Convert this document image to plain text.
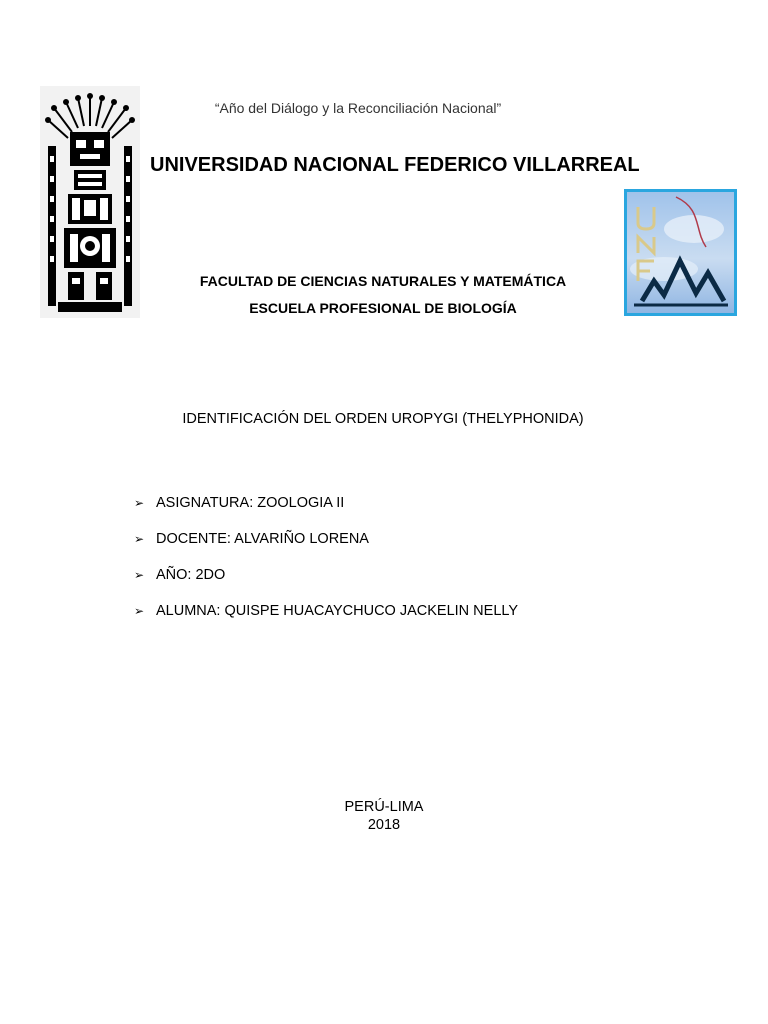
“Año del Diálogo y la Reconciliación Nacional”
UNIVERSIDAD NACIONAL FEDERICO VILLARREAL
FACULTAD DE CIENCIAS NATURALES Y MATEMÁTICA
ESCUELA PROFESIONAL DE BIOLOGÍA
IDENTIFICACIÓN DEL ORDEN UROPYGI (THELYPHONIDA)
➢ ASIGNATURA: ZOOLOGIA II
➢ DOCENTE: ALVARIÑO LORENA
➢ AÑO: 2DO
➢ ALUMNA: QUISPE HUACAYCHUCO JACKELIN NELLY
PERÚ-LIMA
2018
